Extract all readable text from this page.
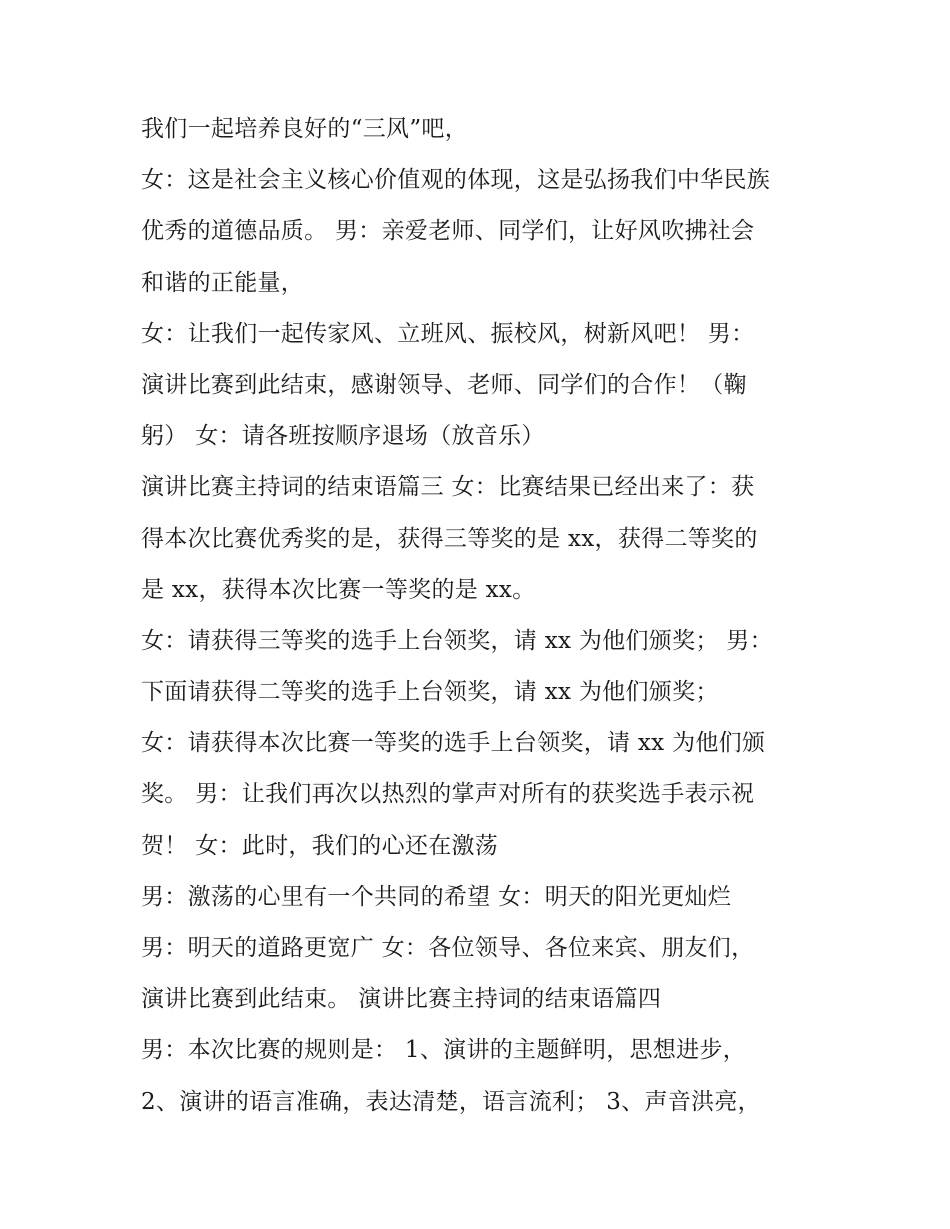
我们一起培养良好的“三风”吧，
女：这是社会主义核心价值观的体现，这是弘扬我们中华民族
优秀的道德品质。 男：亲爱老师、同学们，让好风吹拂社会
和谐的正能量，
女：让我们一起传家风、立班风、振校风，树新风吧！ 男：
演讲比赛到此结束，感谢领导、老师、同学们的合作！（鞠
躬） 女：请各班按顺序退场（放音乐）
演讲比赛主持词的结束语篇三 女：比赛结果已经出来了：获
得本次比赛优秀奖的是，获得三等奖的是 xx，获得二等奖的
是 xx，获得本次比赛一等奖的是 xx。
女：请获得三等奖的选手上台领奖，请 xx 为他们颁奖； 男：
下面请获得二等奖的选手上台领奖，请 xx 为他们颁奖；
女：请获得本次比赛一等奖的选手上台领奖，请 xx 为他们颁
奖。 男：让我们再次以热烈的掌声对所有的获奖选手表示祝
贺！ 女：此时，我们的心还在激荡
男：激荡的心里有一个共同的希望 女：明天的阳光更灿烂
男：明天的道路更宽广 女：各位领导、各位来宾、朋友们，
演讲比赛到此结束。 演讲比赛主持词的结束语篇四
男：本次比赛的规则是： 1、演讲的主题鲜明，思想进步，
2、演讲的语言准确，表达清楚，语言流利； 3、声音洪亮，
